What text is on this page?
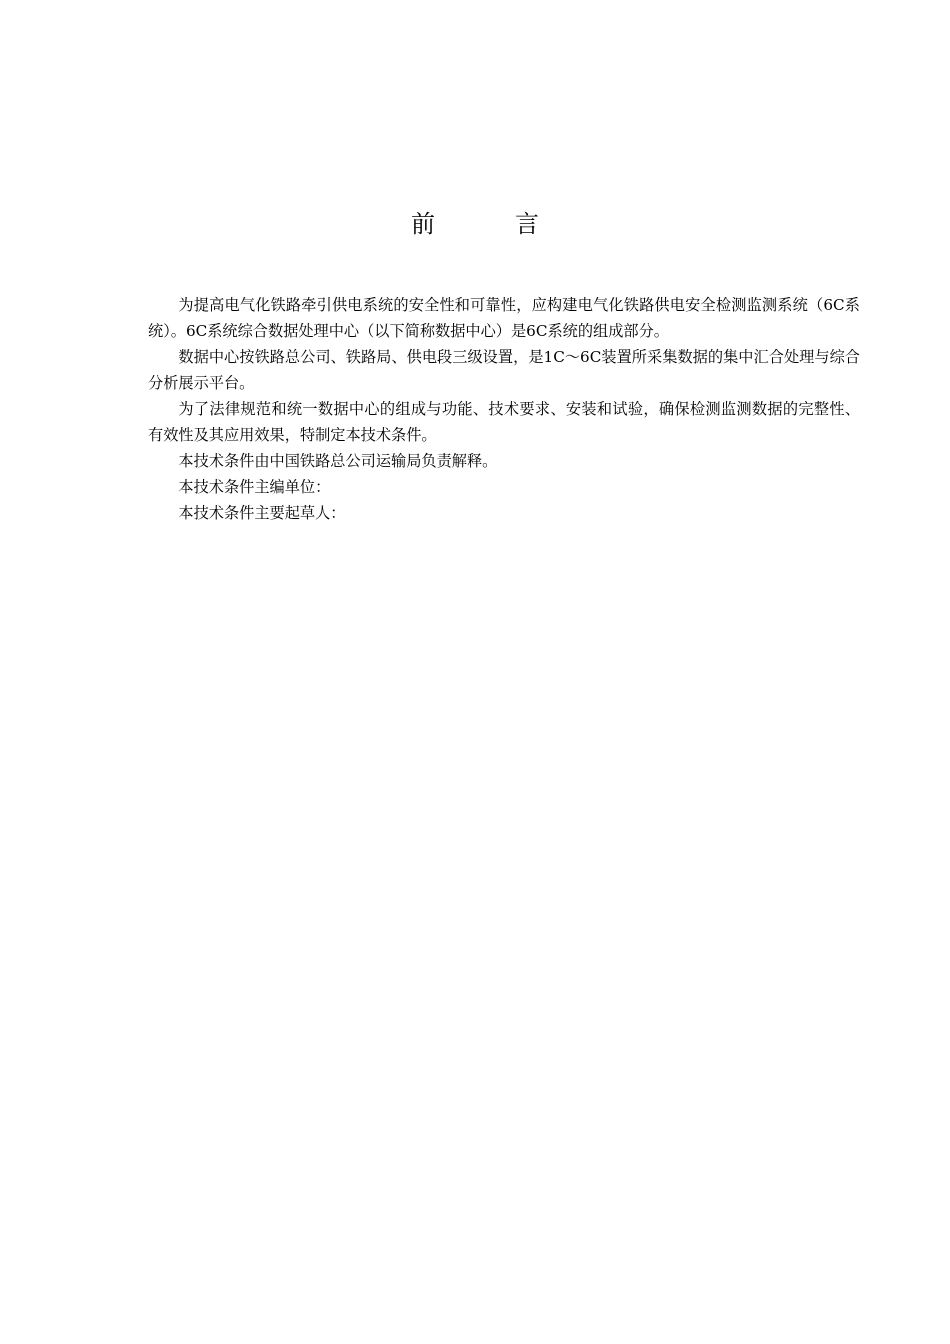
前	言

为提高电气化铁路牵引供电系统的安全性和可靠性，应构建电气化铁路供电安全检测监测系统（6C系统）。6C系统综合数据处理中心（以下简称数据中心）是6C系统的组成部分。

数据中心按铁路总公司、铁路局、供电段三级设置，是1C～6C装置所采集数据的集中汇合处理与综合分析展示平台。

为了法律规范和统一数据中心的组成与功能、技术要求、安装和试验，确保检测监测数据的完整性、有效性及其应用效果，特制定本技术条件。

本技术条件由中国铁路总公司运输局负责解释。

本技术条件主编单位：

本技术条件主要起草人：
